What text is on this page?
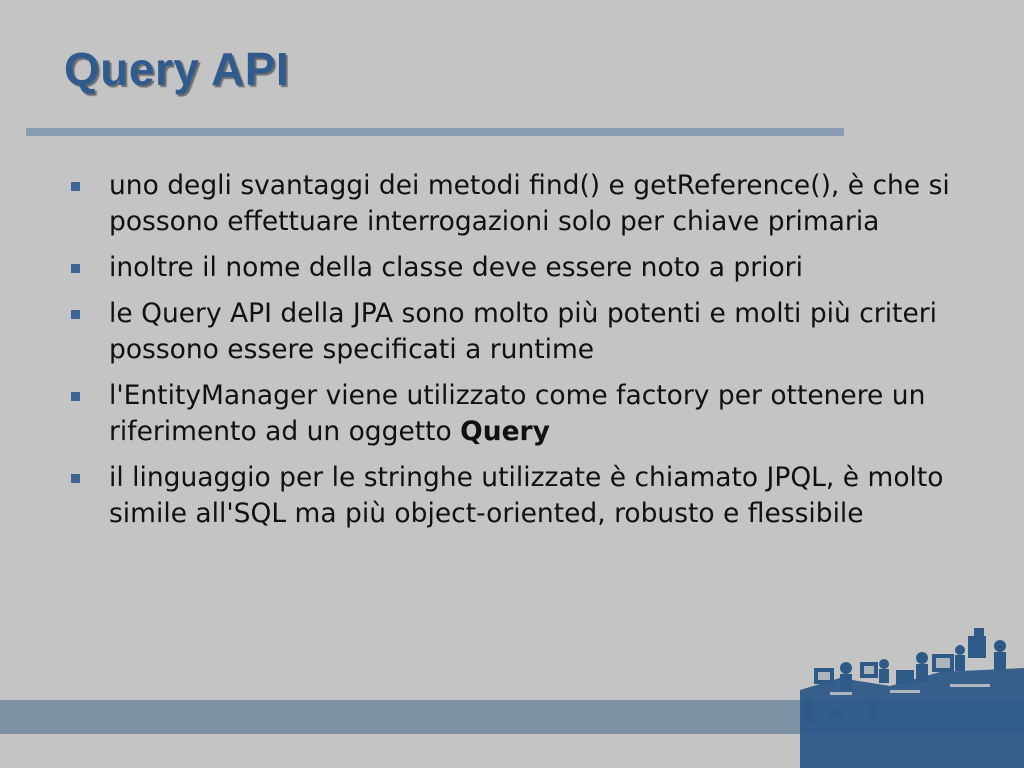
Query API
uno degli svantaggi dei metodi find() e getReference(), è che si possono effettuare interrogazioni solo per chiave primaria
inoltre il nome della classe deve essere noto a priori
le Query API della JPA sono molto più potenti e molti più criteri possono essere specificati a runtime
l'EntityManager viene utilizzato come factory per ottenere un riferimento ad un oggetto Query
il linguaggio per le stringhe utilizzate è chiamato JPQL, è molto simile all'SQL ma più object-oriented, robusto e flessibile
